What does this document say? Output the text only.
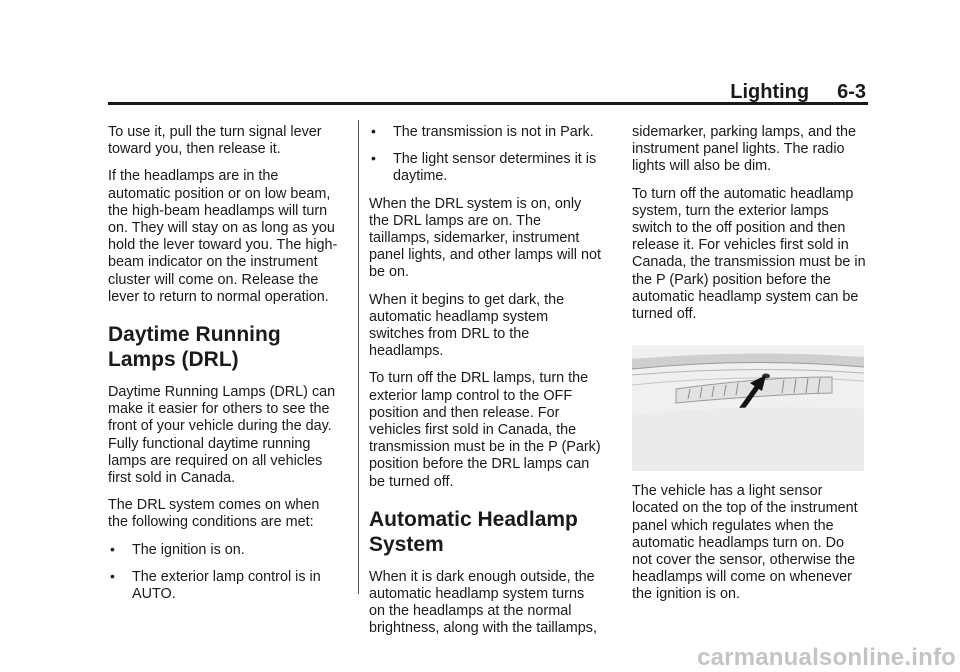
Lighting 6-3

To use it, pull the turn signal lever toward you, then release it.

If the headlamps are in the automatic position or on low beam, the high-beam headlamps will turn on. They will stay on as long as you hold the lever toward you. The high-beam indicator on the instrument cluster will come on. Release the lever to return to normal operation.

Daytime Running Lamps (DRL)

Daytime Running Lamps (DRL) can make it easier for others to see the front of your vehicle during the day. Fully functional daytime running lamps are required on all vehicles first sold in Canada.

The DRL system comes on when the following conditions are met:

• The ignition is on.
• The exterior lamp control is in AUTO.
• The transmission is not in Park.
• The light sensor determines it is daytime.

When the DRL system is on, only the DRL lamps are on. The taillamps, sidemarker, instrument panel lights, and other lamps will not be on.

When it begins to get dark, the automatic headlamp system switches from DRL to the headlamps.

To turn off the DRL lamps, turn the exterior lamp control to the OFF position and then release. For vehicles first sold in Canada, the transmission must be in the P (Park) position before the DRL lamps can be turned off.

Automatic Headlamp System

When it is dark enough outside, the automatic headlamp system turns on the headlamps at the normal brightness, along with the taillamps,

sidemarker, parking lamps, and the instrument panel lights. The radio lights will also be dim.

To turn off the automatic headlamp system, turn the exterior lamps switch to the off position and then release it. For vehicles first sold in Canada, the transmission must be in the P (Park) position before the automatic headlamp system can be turned off.

The vehicle has a light sensor located on the top of the instrument panel which regulates when the automatic headlamps turn on. Do not cover the sensor, otherwise the headlamps will come on whenever the ignition is on.

carmanualsonline.info
